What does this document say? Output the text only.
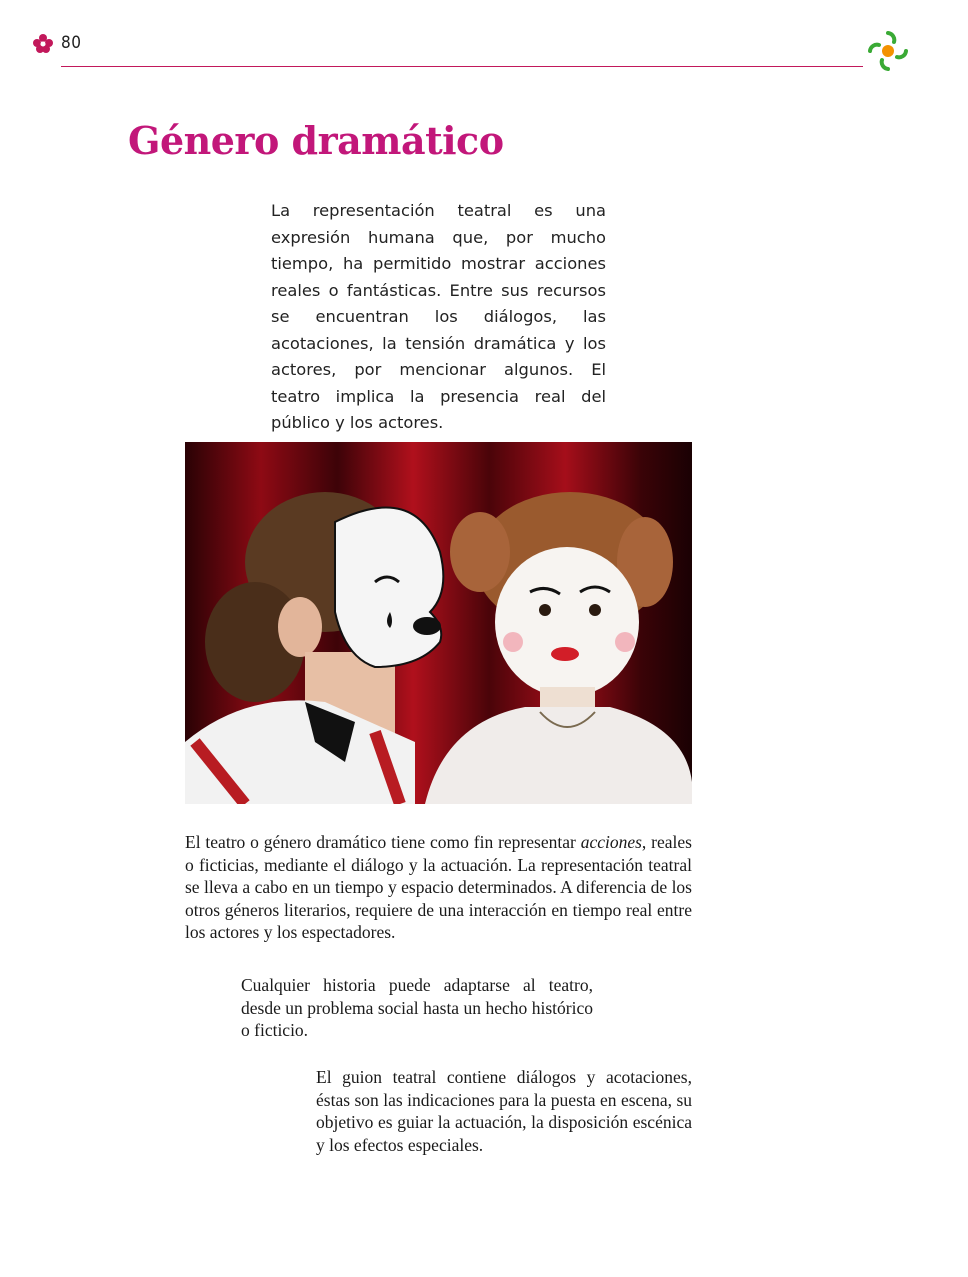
80
Género dramático

La representación teatral es una expresión humana que, por mucho tiempo, ha permitido mostrar acciones reales o fantásticas. Entre sus recursos se encuentran los diálogos, las acotaciones, la tensión dramática y los actores, por mencionar algunos. El teatro implica la presencia real del público y los actores.

El teatro o género dramático tiene como fin representar acciones, reales o ficticias, mediante el diálogo y la actuación. La representación teatral se lleva a cabo en un tiempo y espacio determinados. A diferencia de los otros géneros literarios, requiere de una interacción en tiempo real entre los actores y los espectadores.

Cualquier historia puede adaptarse al teatro, desde un problema social hasta un hecho histórico o ficticio.

El guion teatral contiene diálogos y acotaciones, éstas son las indicaciones para la puesta en escena, su objetivo es guiar la actuación, la disposición escénica y los efectos especiales.
